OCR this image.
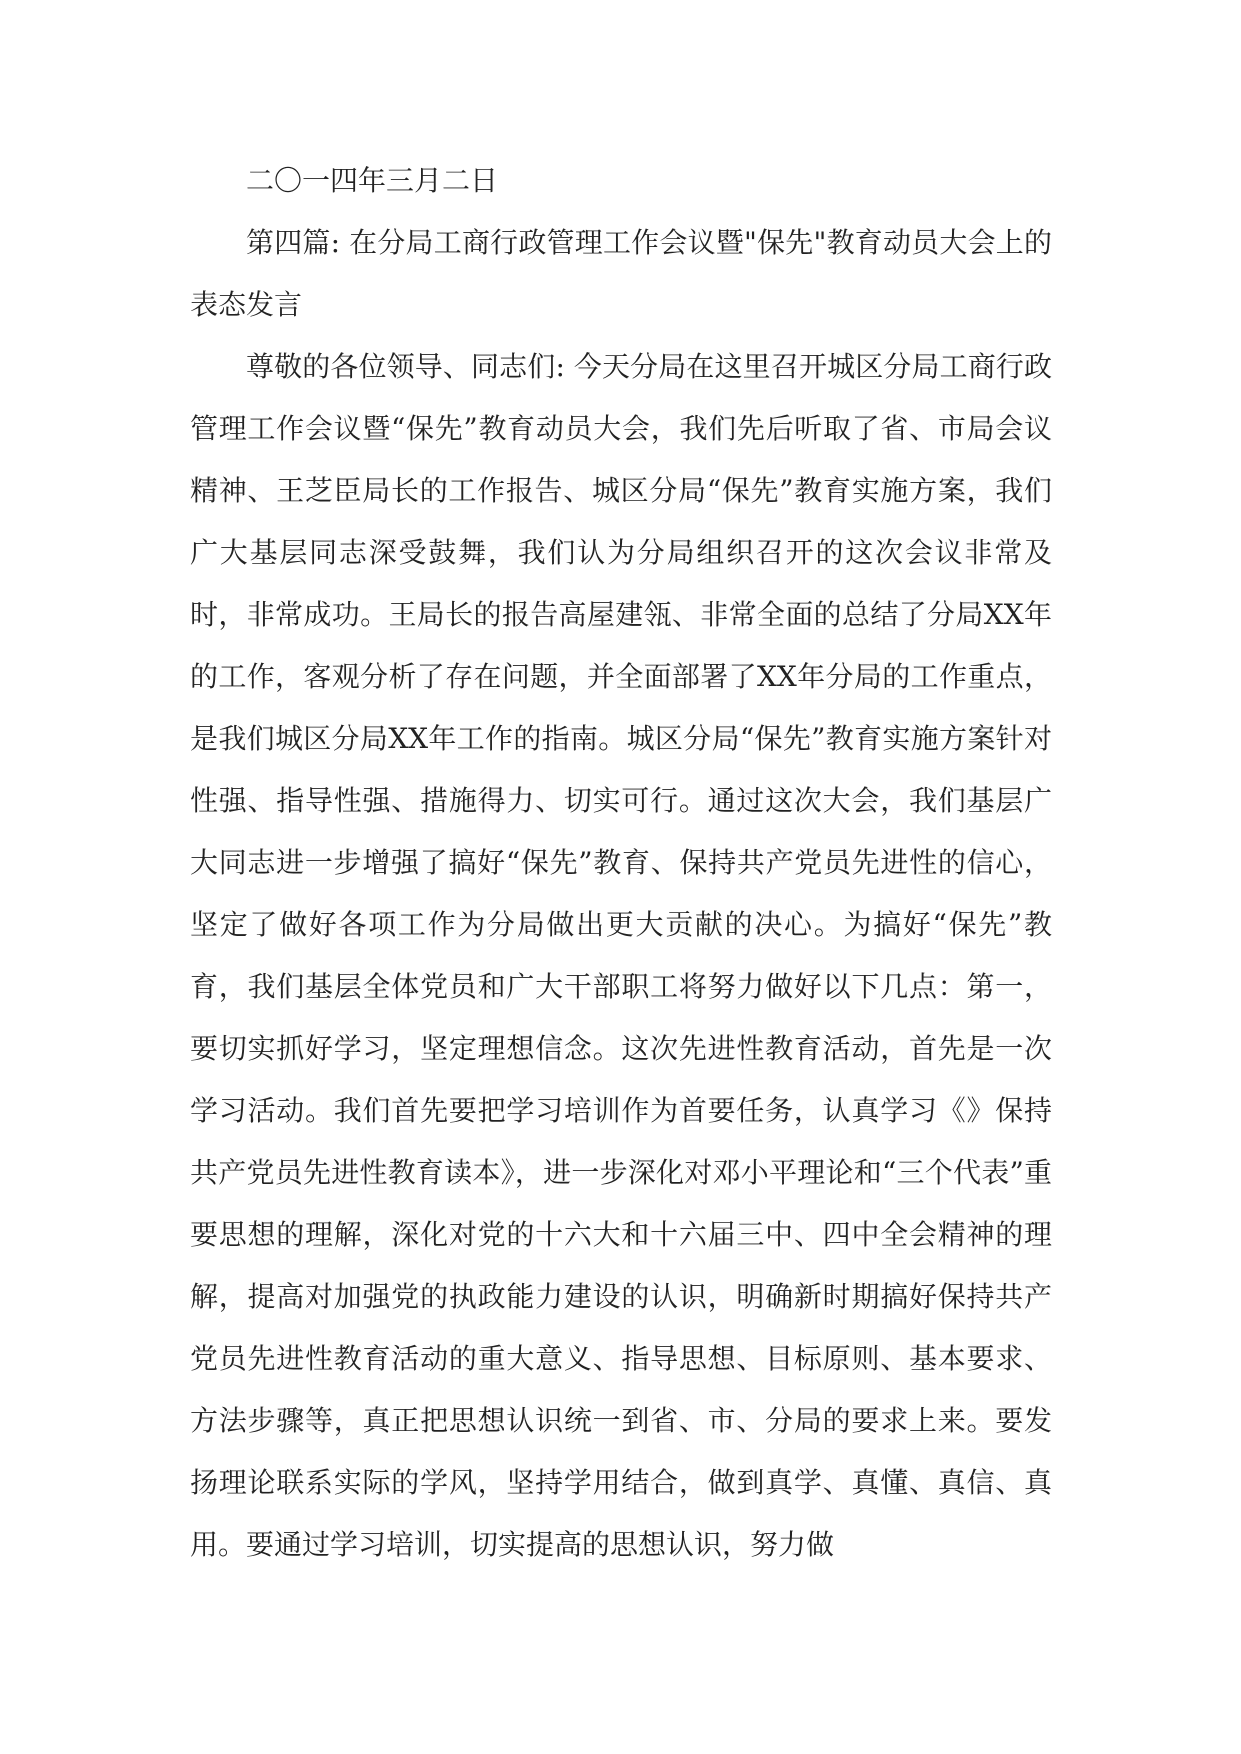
二〇一四年三月二日

第四篇: 在分局工商行政管理工作会议暨"保先"教育动员大会上的表态发言

尊敬的各位领导、同志们: 今天分局在这里召开城区分局工商行政管理工作会议暨“保先”教育动员大会，我们先后听取了省、市局会议精神、王芝臣局长的工作报告、城区分局“保先”教育实施方案，我们广大基层同志深受鼓舞，我们认为分局组织召开的这次会议非常及时，非常成功。王局长的报告高屋建瓴、非常全面的总结了分局XX年的工作，客观分析了存在问题，并全面部署了XX年分局的工作重点，是我们城区分局XX年工作的指南。城区分局“保先”教育实施方案针对性强、指导性强、措施得力、切实可行。通过这次大会，我们基层广大同志进一步增强了搞好“保先”教育、保持共产党员先进性的信心，坚定了做好各项工作为分局做出更大贡献的决心。为搞好“保先”教育，我们基层全体党员和广大干部职工将努力做好以下几点：第一，要切实抓好学习，坚定理想信念。这次先进性教育活动，首先是一次学习活动。我们首先要把学习培训作为首要任务，认真学习《》保持共产党员先进性教育读本》，进一步深化对邓小平理论和“三个代表”重要思想的理解，深化对党的十六大和十六届三中、四中全会精神的理解，提高对加强党的执政能力建设的认识，明确新时期搞好保持共产党员先进性教育活动的重大意义、指导思想、目标原则、基本要求、方法步骤等，真正把思想认识统一到省、市、分局的要求上来。要发扬理论联系实际的学风，坚持学用结合，做到真学、真懂、真信、真用。要通过学习培训，切实提高的思想认识，努力做
